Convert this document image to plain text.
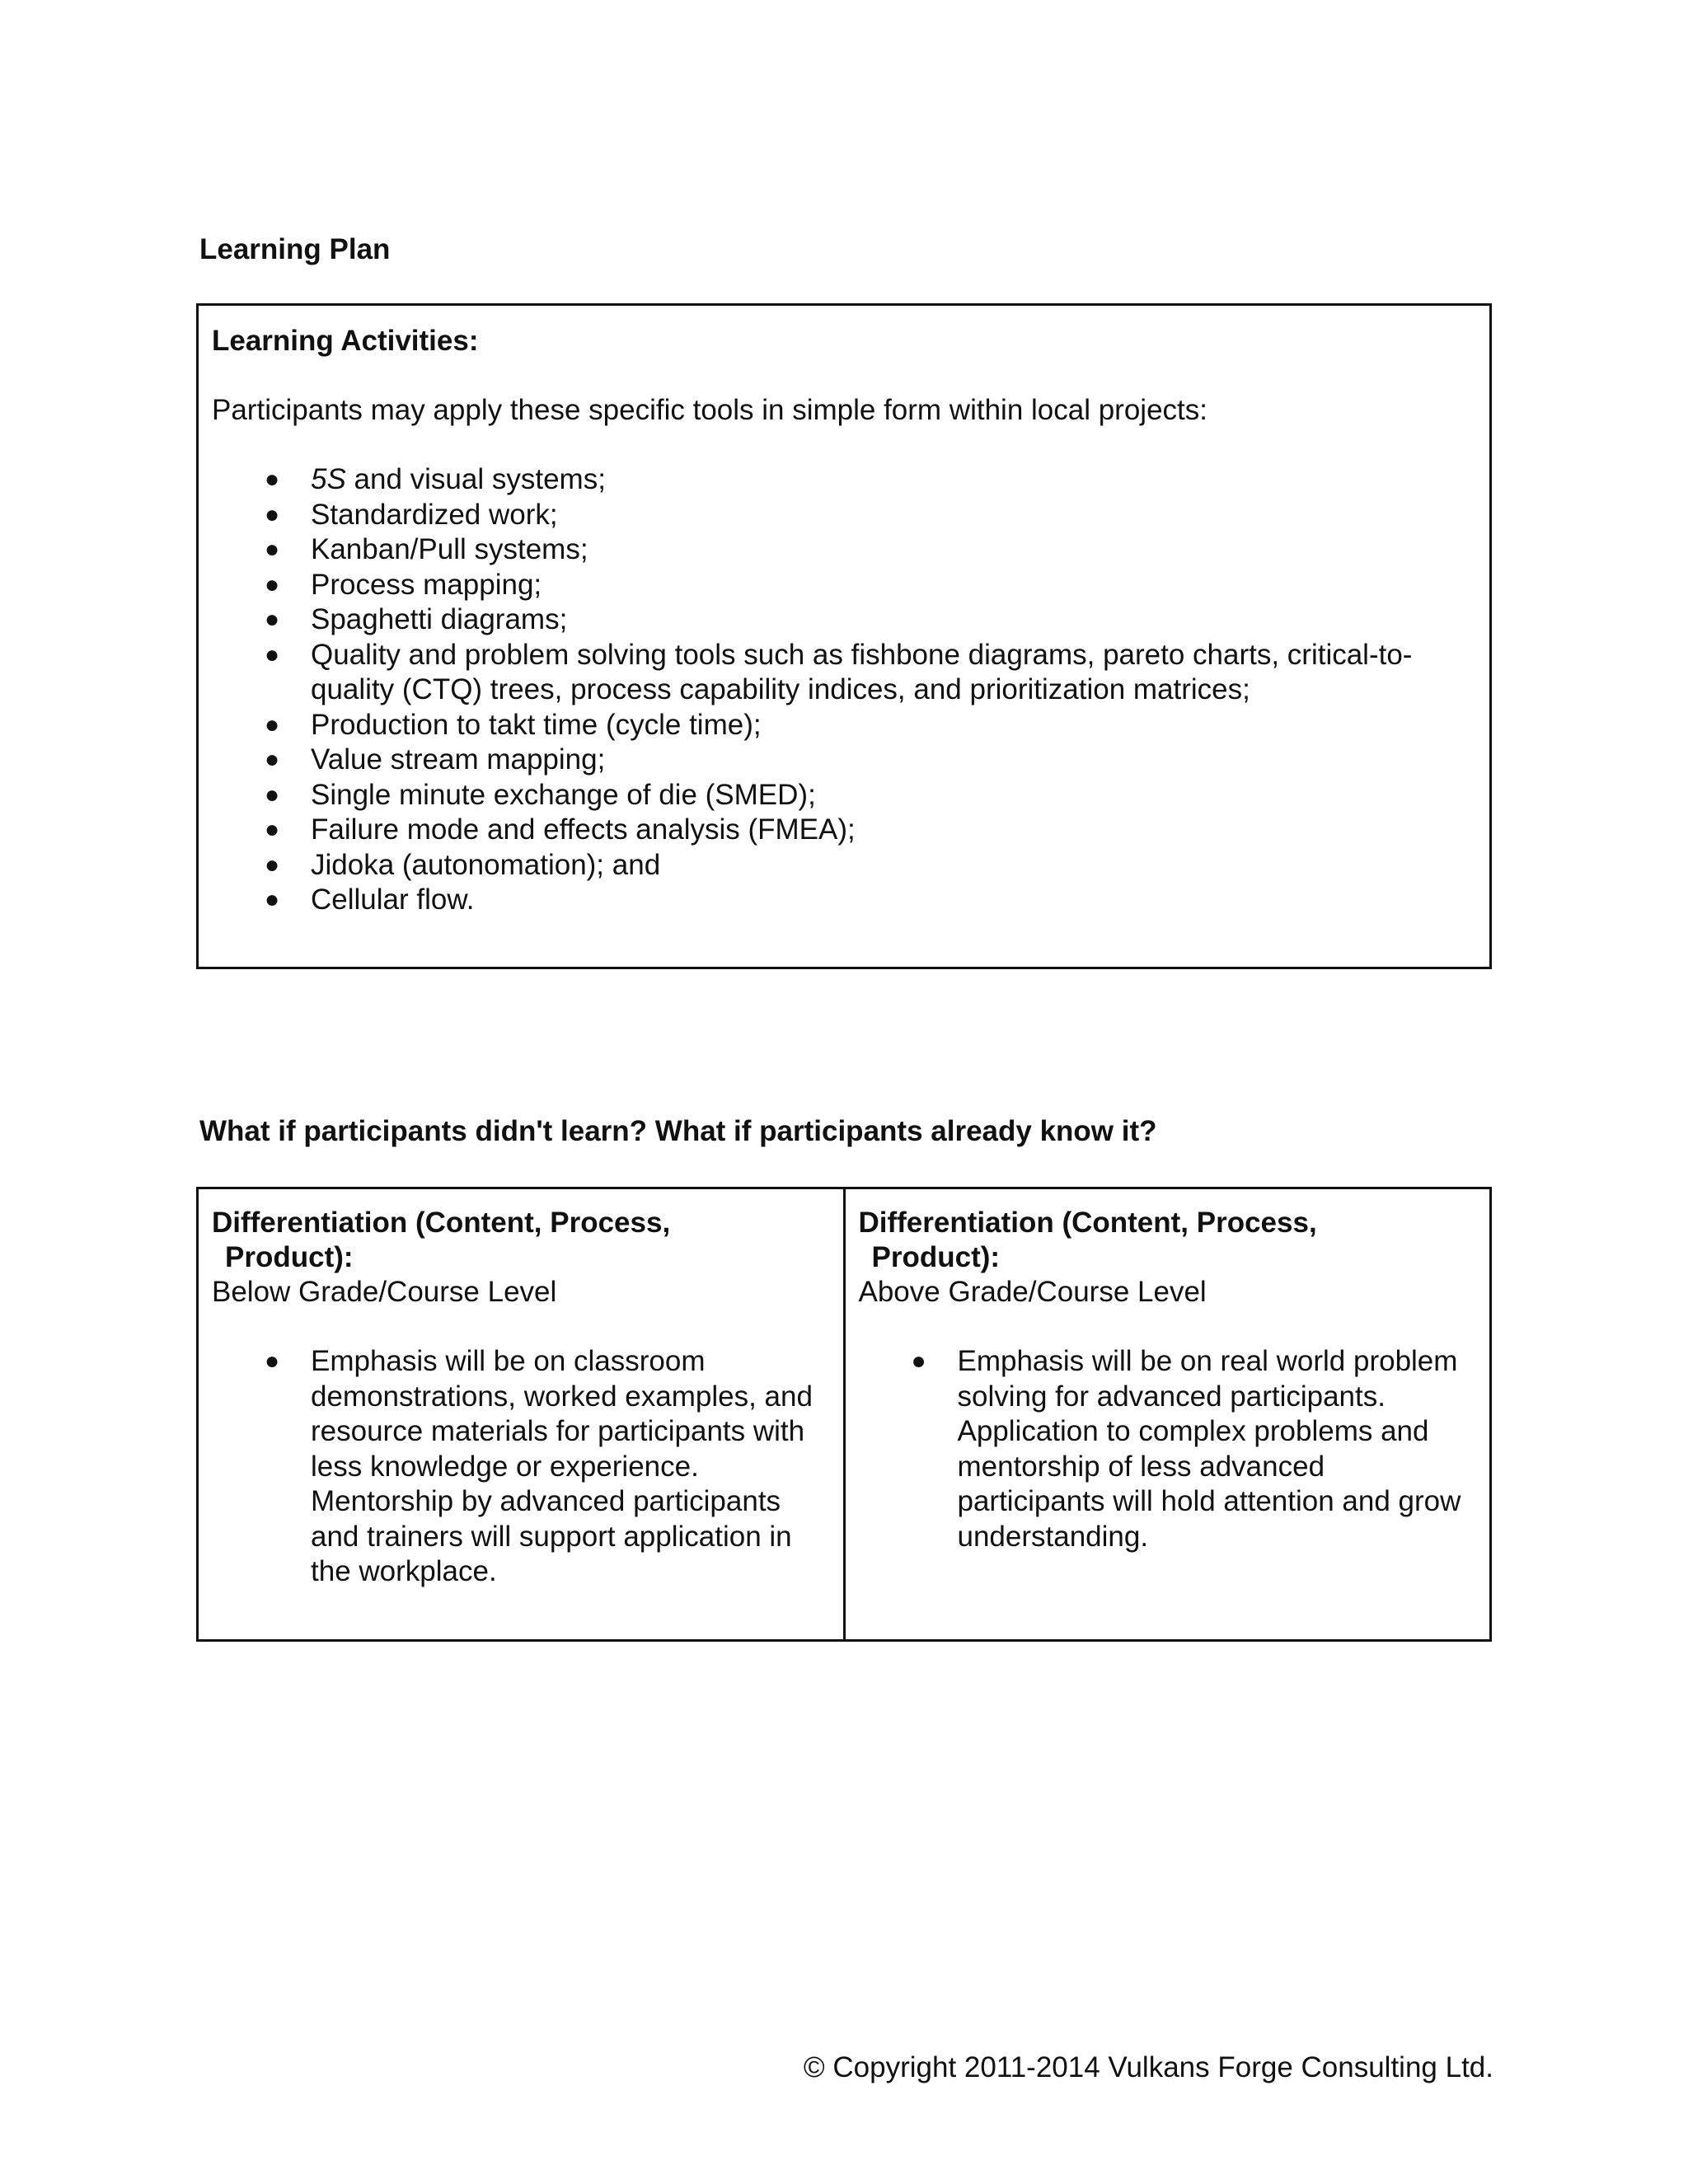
Learning Plan

Learning Activities:

Participants may apply these specific tools in simple form within local projects:

● 5S and visual systems;
● Standardized work;
● Kanban/Pull systems;
● Process mapping;
● Spaghetti diagrams;
● Quality and problem solving tools such as fishbone diagrams, pareto charts, critical-to-quality (CTQ) trees, process capability indices, and prioritization matrices;
● Production to takt time (cycle time);
● Value stream mapping;
● Single minute exchange of die (SMED);
● Failure mode and effects analysis (FMEA);
● Jidoka (autonomation); and
● Cellular flow.
What if participants didn't learn? What if participants already know it?

Differentiation (Content, Process,
Product):

Below Grade/Course Level

● Emphasis will be on classroom demonstrations, worked examples, and resource materials for participants with less knowledge or experience. Mentorship by advanced participants and trainers will support application in the workplace.

Differentiation (Content, Process,
Product):

Above Grade/Course Level

● Emphasis will be on real world problem solving for advanced participants. Application to complex problems and mentorship of less advanced participants will hold attention and grow understanding.

© Copyright 2011-2014 Vulkans Forge Consulting Ltd.
